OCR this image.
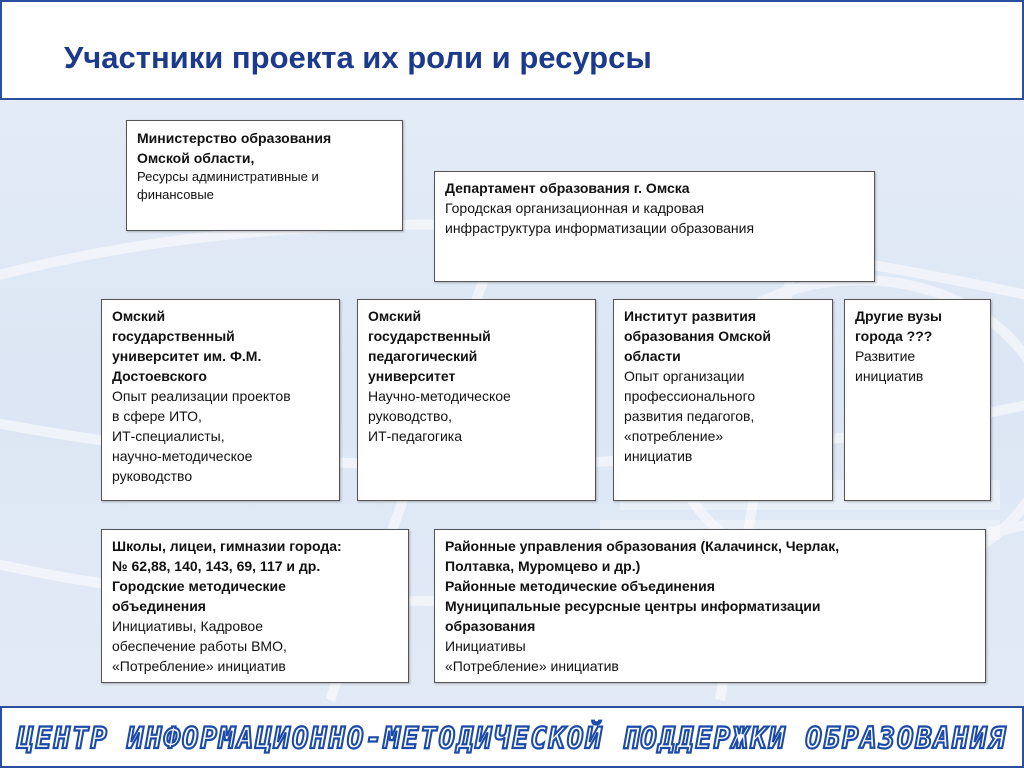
Участники проекта их роли и ресурсы
Министерство образования
Омской области,
Ресурсы административные и
финансовые	Департамент образования г. Омска
Городская организационная и кадровая
инфраструктура информатизации образования
Омский
государственный
университет им. Ф.М.
Достоевского
Опыт реализации проектов
в сфере ИТО,
ИТ-специалисты,
научно-методическое
руководство
Омский
государственный
педагогический
университет
Научно-методическое
руководство,
ИТ-педагогика
Институт развития
образования Омской
области
Опыт организации
профессионального
развития педагогов,
«потребление»
инициатив
Другие вузы
города ???
Развитие
инициатив
Школы, лицеи, гимназии города:
№ 62,88, 140, 143, 69, 117 и др.
Городские методические
объединения
Инициативы, Кадровое
обеспечение работы ВМО,
«Потребление» инициатив
Районные управления образования (Калачинск, Черлак,
Полтавка, Муромцево и др.)
Районные методические объединения
Муниципальные ресурсные центры информатизации
образования
Инициативы
«Потребление» инициатив
ЦЕНТР ИНФОРМАЦИОННО-МЕТОДИЧЕСКОЙ ПОДДЕРЖКИ ОБРАЗОВАНИЯ
